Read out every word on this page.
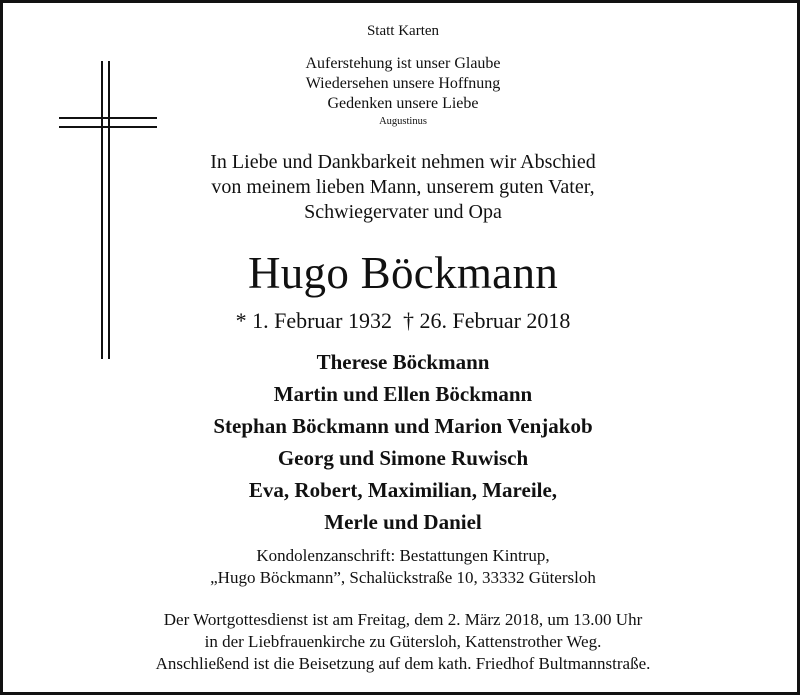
Statt Karten
Auferstehung ist unser Glaube
Wiedersehen unsere Hoffnung
Gedenken unsere Liebe
Augustinus
In Liebe und Dankbarkeit nehmen wir Abschied
von meinem lieben Mann, unserem guten Vater,
Schwiegervater und Opa
Hugo Böckmann
* 1. Februar 1932  † 26. Februar 2018
Therese Böckmann
Martin und Ellen Böckmann
Stephan Böckmann und Marion Venjakob
Georg und Simone Ruwisch
Eva, Robert, Maximilian, Mareile,
Merle und Daniel
Kondolenzanschrift: Bestattungen Kintrup,
„Hugo Böckmann”, Schalückstraße 10, 33332 Gütersloh
Der Wortgottesdienst ist am Freitag, dem 2. März 2018, um 13.00 Uhr
in der Liebfrauenkirche zu Gütersloh, Kattenstrother Weg.
Anschließend ist die Beisetzung auf dem kath. Friedhof Bultmannstraße.
